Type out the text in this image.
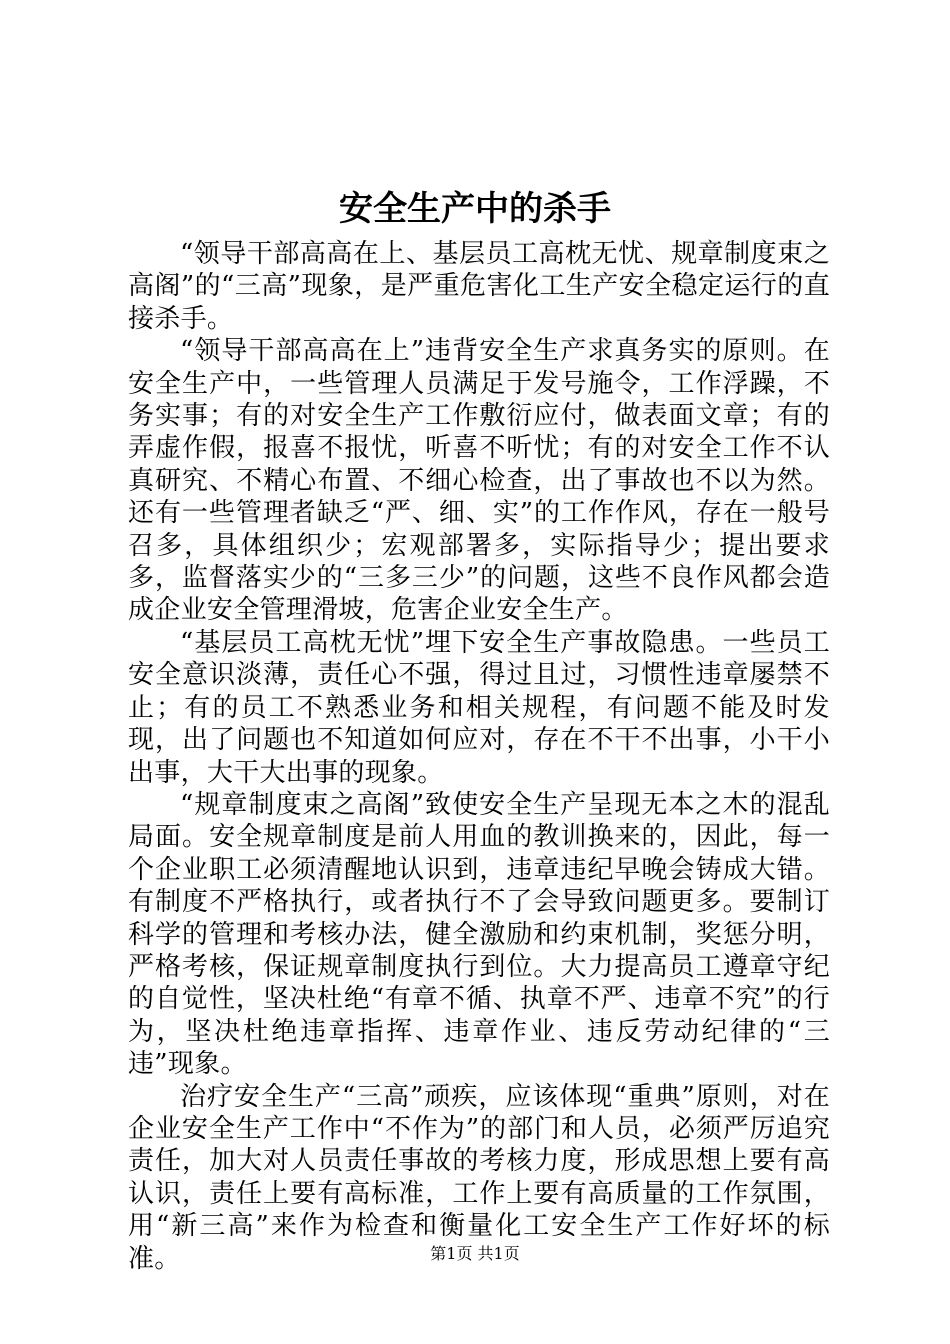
安全生产中的杀手

“领导干部高高在上、基层员工高枕无忧、规章制度束之高阁”的“三高”现象，是严重危害化工生产安全稳定运行的直接杀手。

“领导干部高高在上”违背安全生产求真务实的原则。在安全生产中，一些管理人员满足于发号施令，工作浮躁，不务实事；有的对安全生产工作敷衍应付，做表面文章；有的弄虚作假，报喜不报忧，听喜不听忧；有的对安全工作不认真研究、不精心布置、不细心检查，出了事故也不以为然。还有一些管理者缺乏“严、细、实”的工作作风，存在一般号召多，具体组织少；宏观部署多，实际指导少；提出要求多，监督落实少的“三多三少”的问题，这些不良作风都会造成企业安全管理滑坡，危害企业安全生产。

“基层员工高枕无忧”埋下安全生产事故隐患。一些员工安全意识淡薄，责任心不强，得过且过，习惯性违章屡禁不止；有的员工不熟悉业务和相关规程，有问题不能及时发现，出了问题也不知道如何应对，存在不干不出事，小干小出事，大干大出事的现象。

“规章制度束之高阁”致使安全生产呈现无本之木的混乱局面。安全规章制度是前人用血的教训换来的，因此，每一个企业职工必须清醒地认识到，违章违纪早晚会铸成大错。有制度不严格执行，或者执行不了会导致问题更多。要制订科学的管理和考核办法，健全激励和约束机制，奖惩分明，严格考核，保证规章制度执行到位。大力提高员工遵章守纪的自觉性，坚决杜绝“有章不循、执章不严、违章不究”的行为，坚决杜绝违章指挥、违章作业、违反劳动纪律的“三违”现象。

治疗安全生产“三高”顽疾，应该体现“重典”原则，对在企业安全生产工作中“不作为”的部门和人员，必须严厉追究责任，加大对人员责任事故的考核力度，形成思想上要有高认识，责任上要有高标准，工作上要有高质量的工作氛围，用“新三高”来作为检查和衡量化工安全生产工作好坏的标准。	第1页 共1页
